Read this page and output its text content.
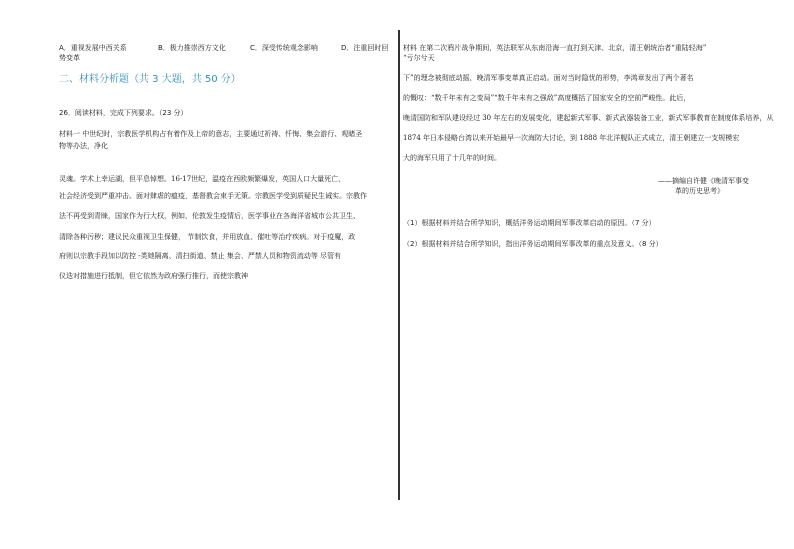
A．重视发展中西关系	B．极力推崇西方文化	C．深受传统观念影响	D．注重回时回
势变革
二、材料分析题（共 3 大题，共 50 分）
26．阅读材料，完成下列要求。（23 分）
材料一 中世纪时，宗教医学机构占有着作及上帝的意志，主要通过祈祷、忏悔、集会游行、观睹圣
物等办法，净化
灵魂。学术上幸运湖，但平息悼想。16-17世纪，温疫在西欧频繁爆发，英国人口大量死亡，
社会经济受到严重冲击。面对肆虐的瘟疫，基督教会束手无策。宗教医学受到质疑民生诫实。宗教作
法不再受到青睐，国家作为行大权，例如，伦敦发生疫情后，医学事业在各海洋省城市公共卫生、
清除各种污秽；建议民众重视卫生保健， 节制饮食，并用放血、催吐等治疗疾病。对于疫魔，政
府则以宗教手段加以防控 -类她隔离、清扫街道、禁止 集会、严禁人员和物资流动等 尽管有
仪迭对措施进行抵制，但它依然为政府强行推行，而使宗教神
材料 在第二次鸦片战争期间，英法联军从东南沿海一直打到天津、北京，清王朝统治者“重陆轻海”
“亏尔兮天
下”的理念被彻底动摇，晚清军事变革真正启动。面对当时隐忧的形势，李鸿章发出了两个著名
的慨叹：“数千年未有之变局”“数千年未有之强敌”高度概括了国家安全的空前严峻性。此后，
晚清国防和军队建设经过 30 年左右的发展变化，建起新式军事、新式武器装备工业，新式军事教育在制度体系培养，从
1874 年日本侵略台湾以来开始最早一次海防大讨论，到 1888 年北洋舰队正式成立，清王朝建立一支规模宏
大的海军只用了十几年的时间。
——摘编自许健《晚清军事变
革的历史思考》
（1）根据材料并结合所学知识，概括洋务运动期间军事改革启动的原因。（7 分）
（2）根据材料并结合所学知识，指出洋务运动期间军事改革的重点及意义。（8 分）
